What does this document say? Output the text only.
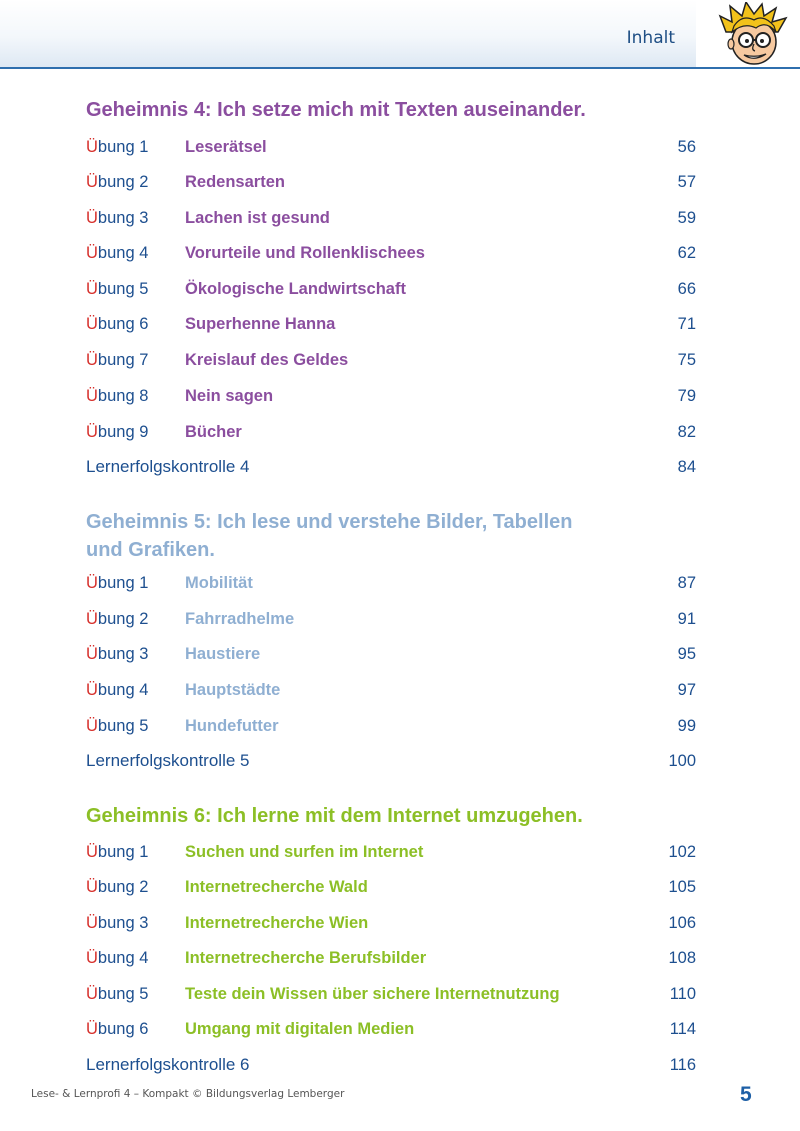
Inhalt
Geheimnis 4: Ich setze mich mit Texten auseinander.
Übung 1 Leserätsel	56
Übung 2 Redensarten	57
Übung 3 Lachen ist gesund	59
Übung 4 Vorurteile und Rollenklischees	62
Übung 5 Ökologische Landwirtschaft	66
Übung 6 Superhenne Hanna	71
Übung 7 Kreislauf des Geldes	75
Übung 8 Nein sagen	79
Übung 9 Bücher	82
Lernerfolgskontrolle 4	84
Geheimnis 5: Ich lese und verstehe Bilder, Tabellen und Grafiken.
Übung 1 Mobilität	87
Übung 2 Fahrradhelme	91
Übung 3 Haustiere	95
Übung 4 Hauptstädte	97
Übung 5 Hundefutter	99
Lernerfolgskontrolle 5	100
Geheimnis 6: Ich lerne mit dem Internet umzugehen.
Übung 1 Suchen und surfen im Internet	102
Übung 2 Internetrecherche Wald	105
Übung 3 Internetrecherche Wien	106
Übung 4 Internetrecherche Berufsbilder	108
Übung 5 Teste dein Wissen über sichere Internetnutzung	110
Übung 6 Umgang mit digitalen Medien	114
Lernerfolgskontrolle 6	116
Lese- & Lernprofi 4 – Kompakt © Bildungsverlag Lemberger	5
